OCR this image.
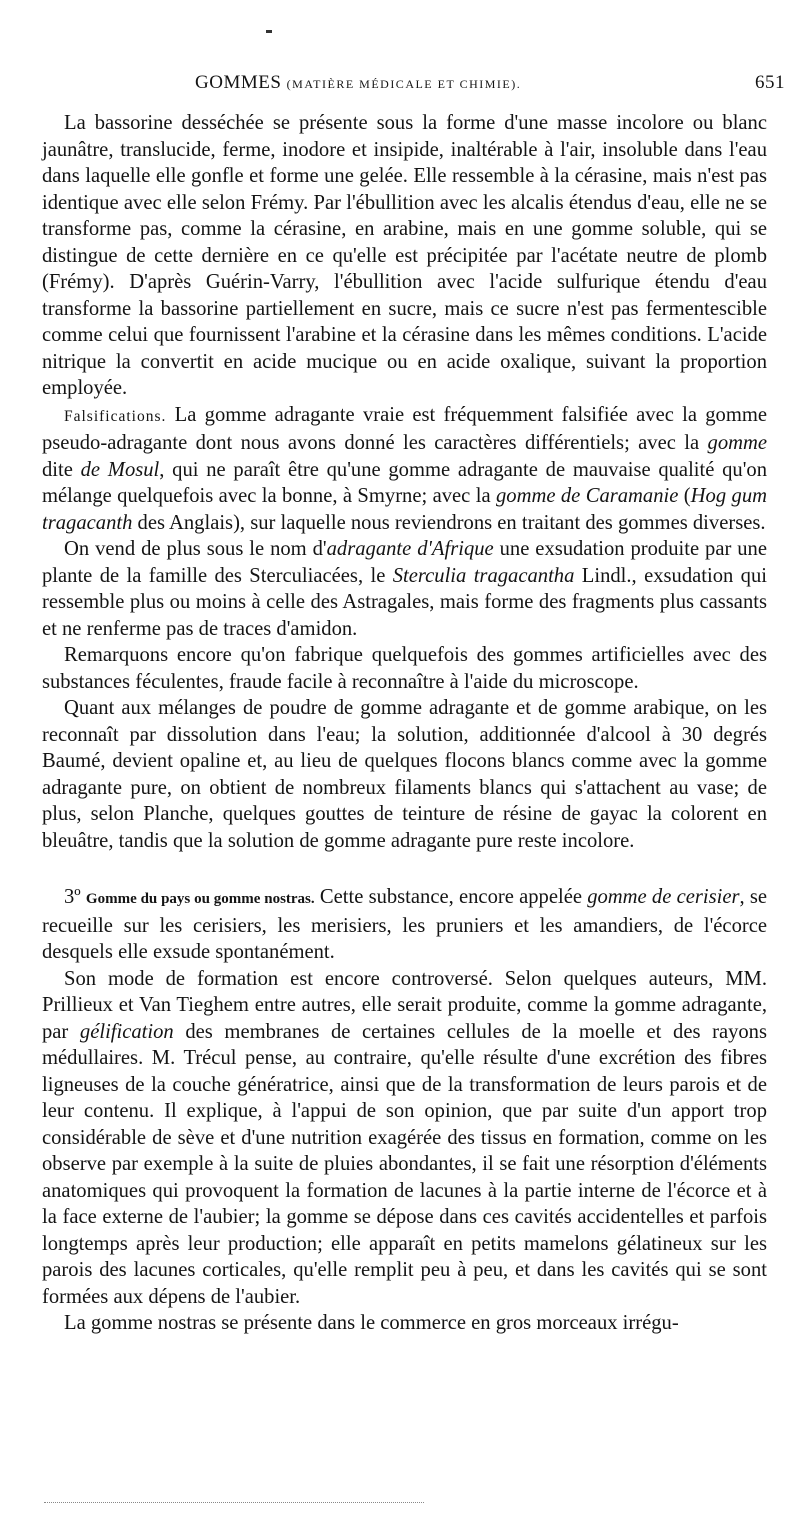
GOMMES (MATIÈRE MÉDICALE ET CHIMIE).	651

La bassorine desséchée se présente sous la forme d'une masse incolore ou blanc jaunâtre, translucide, ferme, inodore et insipide, inaltérable à l'air, insoluble dans l'eau dans laquelle elle gonfle et forme une gelée. Elle ressemble à la cérasine, mais n'est pas identique avec elle selon Frémy. Par l'ébullition avec les alcalis étendus d'eau, elle ne se transforme pas, comme la cérasine, en arabine, mais en une gomme soluble, qui se distingue de cette dernière en ce qu'elle est précipitée par l'acétate neutre de plomb (Frémy). D'après Guérin-Varry, l'ébullition avec l'acide sulfurique étendu d'eau transforme la bassorine partiellement en sucre, mais ce sucre n'est pas fermentescible comme celui que fournissent l'arabine et la cérasine dans les mêmes conditions. L'acide nitrique la convertit en acide mucique ou en acide oxalique, suivant la proportion employée.

Falsifications. La gomme adragante vraie est fréquemment falsifiée avec la gomme pseudo-adragante dont nous avons donné les caractères différentiels; avec la gomme dite de Mosul, qui ne paraît être qu'une gomme adragante de mauvaise qualité qu'on mélange quelquefois avec la bonne, à Smyrne; avec la gomme de Caramanie (Hog gum tragacanth des Anglais), sur laquelle nous reviendrons en traitant des gommes diverses.

On vend de plus sous le nom d'adragante d'Afrique une exsudation produite par une plante de la famille des Sterculiacées, le Sterculia tragacantha Lindl., exsudation qui ressemble plus ou moins à celle des Astragales, mais forme des fragments plus cassants et ne renferme pas de traces d'amidon.

Remarquons encore qu'on fabrique quelquefois des gommes artificielles avec des substances féculentes, fraude facile à reconnaître à l'aide du microscope.

Quant aux mélanges de poudre de gomme adragante et de gomme arabique, on les reconnaît par dissolution dans l'eau; la solution, additionnée d'alcool à 30 degrés Baumé, devient opaline et, au lieu de quelques flocons blancs comme avec la gomme adragante pure, on obtient de nombreux filaments blancs qui s'attachent au vase; de plus, selon Planche, quelques gouttes de teinture de résine de gayac la colorent en bleuâtre, tandis que la solution de gomme adragante pure reste incolore.

3º Gomme du pays ou gomme nostras. Cette substance, encore appelée gomme de cerisier, se recueille sur les cerisiers, les merisiers, les pruniers et les amandiers, de l'écorce desquels elle exsude spontanément.

Son mode de formation est encore controversé. Selon quelques auteurs, MM. Prillieux et Van Tieghem entre autres, elle serait produite, comme la gomme adragante, par gélification des membranes de certaines cellules de la moelle et des rayons médullaires. M. Trécul pense, au contraire, qu'elle résulte d'une excrétion des fibres ligneuses de la couche génératrice, ainsi que de la transformation de leurs parois et de leur contenu. Il explique, à l'appui de son opinion, que par suite d'un apport trop considérable de sève et d'une nutrition exagérée des tissus en formation, comme on les observe par exemple à la suite de pluies abondantes, il se fait une résorption d'éléments anatomiques qui provoquent la formation de lacunes à la partie interne de l'écorce et à la face externe de l'aubier; la gomme se dépose dans ces cavités accidentelles et parfois longtemps après leur production; elle apparaît en petits mamelons gélatineux sur les parois des lacunes corticales, qu'elle remplit peu à peu, et dans les cavités qui se sont formées aux dépens de l'aubier.

La gomme nostras se présente dans le commerce en gros morceaux irrégu-
